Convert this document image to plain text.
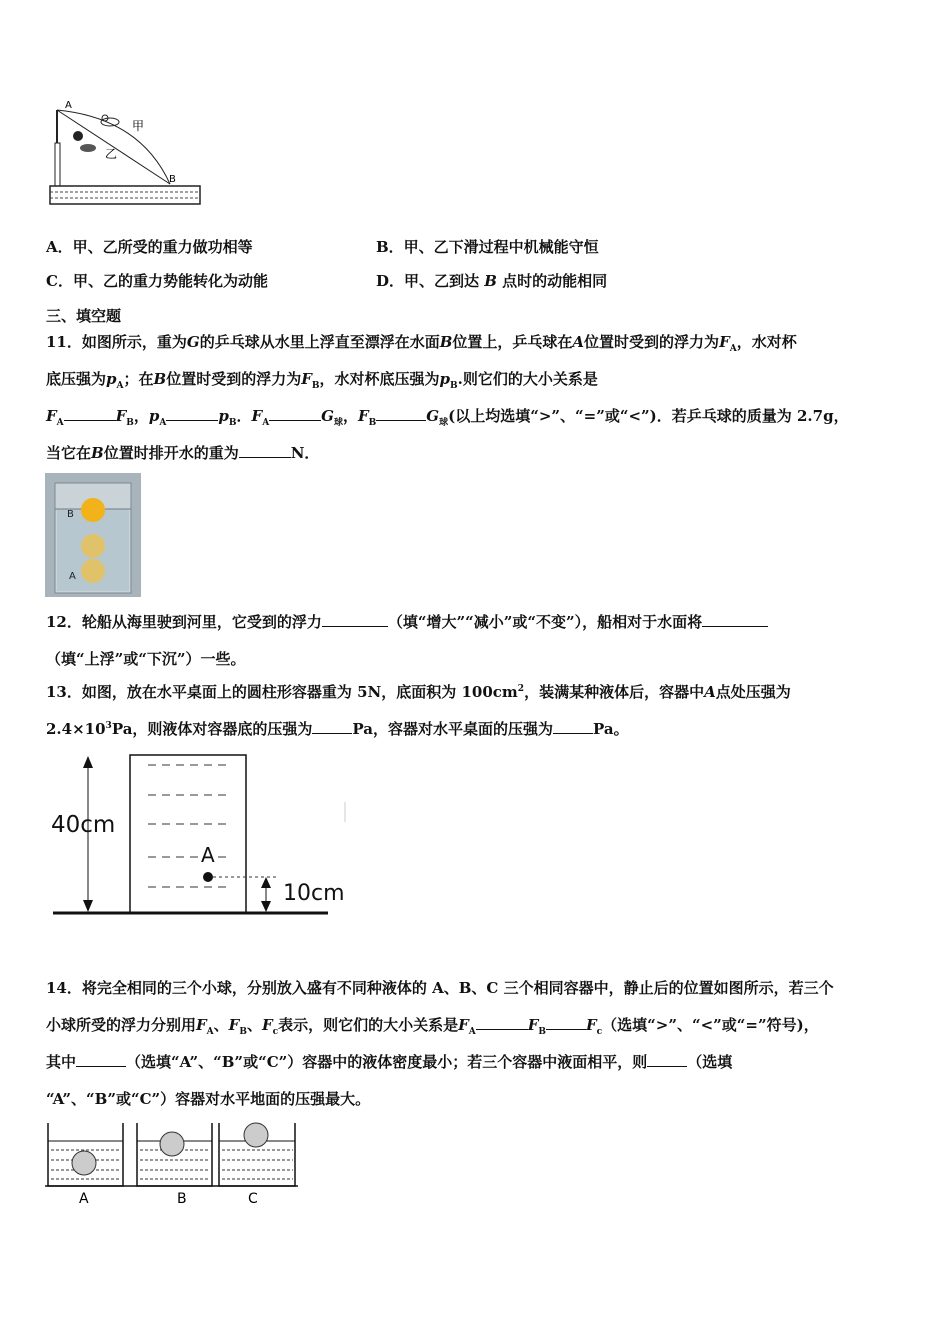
A
B
甲
乙
A．甲、乙所受的重力做功相等	B．甲、乙下滑过程中机械能守恒
C．甲、乙的重力势能转化为动能	D．甲、乙到达 B 点时的动能相同
三、填空题
11．如图所示，重为G的乒乓球从水里上浮直至漂浮在水面B位置上，乒乓球在A位置时受到的浮力为$F_A$，水对杯
底压强为$p_A$；在B位置时受到的浮力为$F_B$，水对杯底压强为$p_B$.则它们的大小关系是
$F_A$	$F_B$，$p_A$	$p_B$．$F_A$	$G_球$，$F_B$	$G_球$(以上均选填“>”、“=”或“<”)．若乒乓球的质量为 2.7g，
当它在B位置时排开水的重为	N．
B
A
12．轮船从海里驶到河里，它受到的浮力	（填“增大”“减小”或“不变”），船相对于水面将
（填“上浮”或“下沉”）一些。
13．如图，放在水平桌面上的圆柱形容器重为 5N，底面积为 $100cm^2$，装满某种液体后，容器中A点处压强为
$2.4\times 10^3Pa$，则液体对容器底的压强为	Pa，容器对水平桌面的压强为	Pa。
40cm
10cm
A
14．将完全相同的三个小球，分别放入盛有不同种液体的 A、B、C 三个相同容器中，静止后的位置如图所示，若三个
小球所受的浮力分别用$F_A$、$F_B$、$F_c$表示，则它们的大小关系是$F_A$	$F_B$	$F_c$（选填“>”、“<”或“=”符号)，
其中	（选填“A”、“B”或“C”）容器中的液体密度最小；若三个容器中液面相平，则	（选填
“A”、“B”或“C”）容器对水平地面的压强最大。
A	B	C
